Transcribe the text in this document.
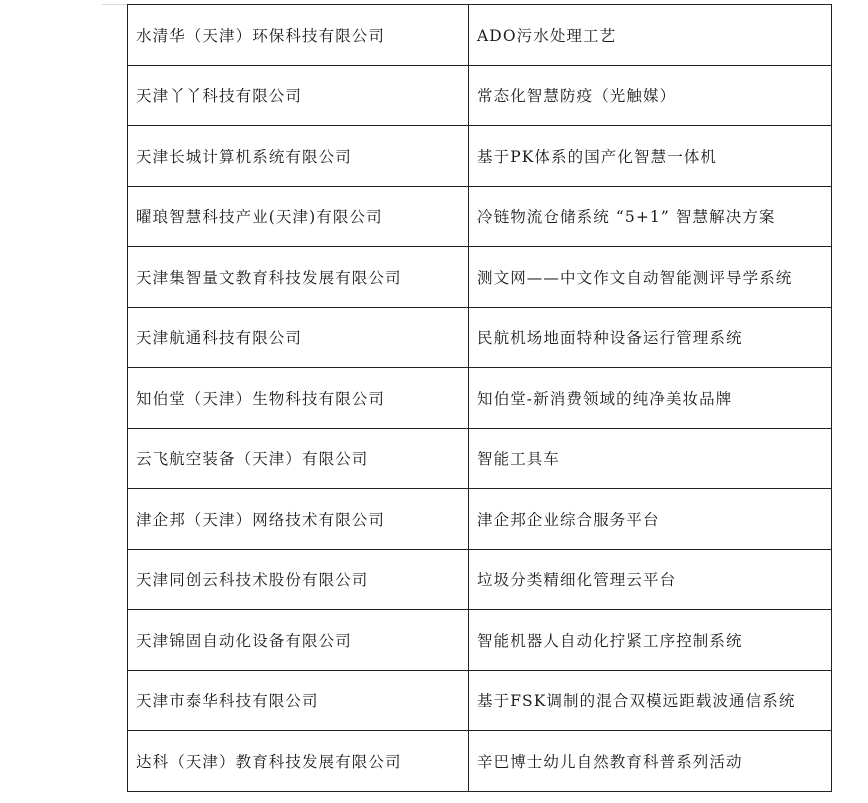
水清华（天津）环保科技有限公司	ADO污水处理工艺
天津丫丫科技有限公司	常态化智慧防疫（光触媒）
天津长城计算机系统有限公司	基于PK体系的国产化智慧一体机
曜琅智慧科技产业(天津)有限公司	冷链物流仓储系统 “5+1” 智慧解决方案
天津集智量文教育科技发展有限公司	测文网——中文作文自动智能测评导学系统
天津航通科技有限公司	民航机场地面特种设备运行管理系统
知伯堂（天津）生物科技有限公司	知伯堂-新消费领域的纯净美妆品牌
云飞航空装备（天津）有限公司	智能工具车
津企邦（天津）网络技术有限公司	津企邦企业综合服务平台
天津同创云科技术股份有限公司	垃圾分类精细化管理云平台
天津锦固自动化设备有限公司	智能机器人自动化拧紧工序控制系统
天津市泰华科技有限公司	基于FSK调制的混合双模远距载波通信系统
达科（天津）教育科技发展有限公司	辛巴博士幼儿自然教育科普系列活动
